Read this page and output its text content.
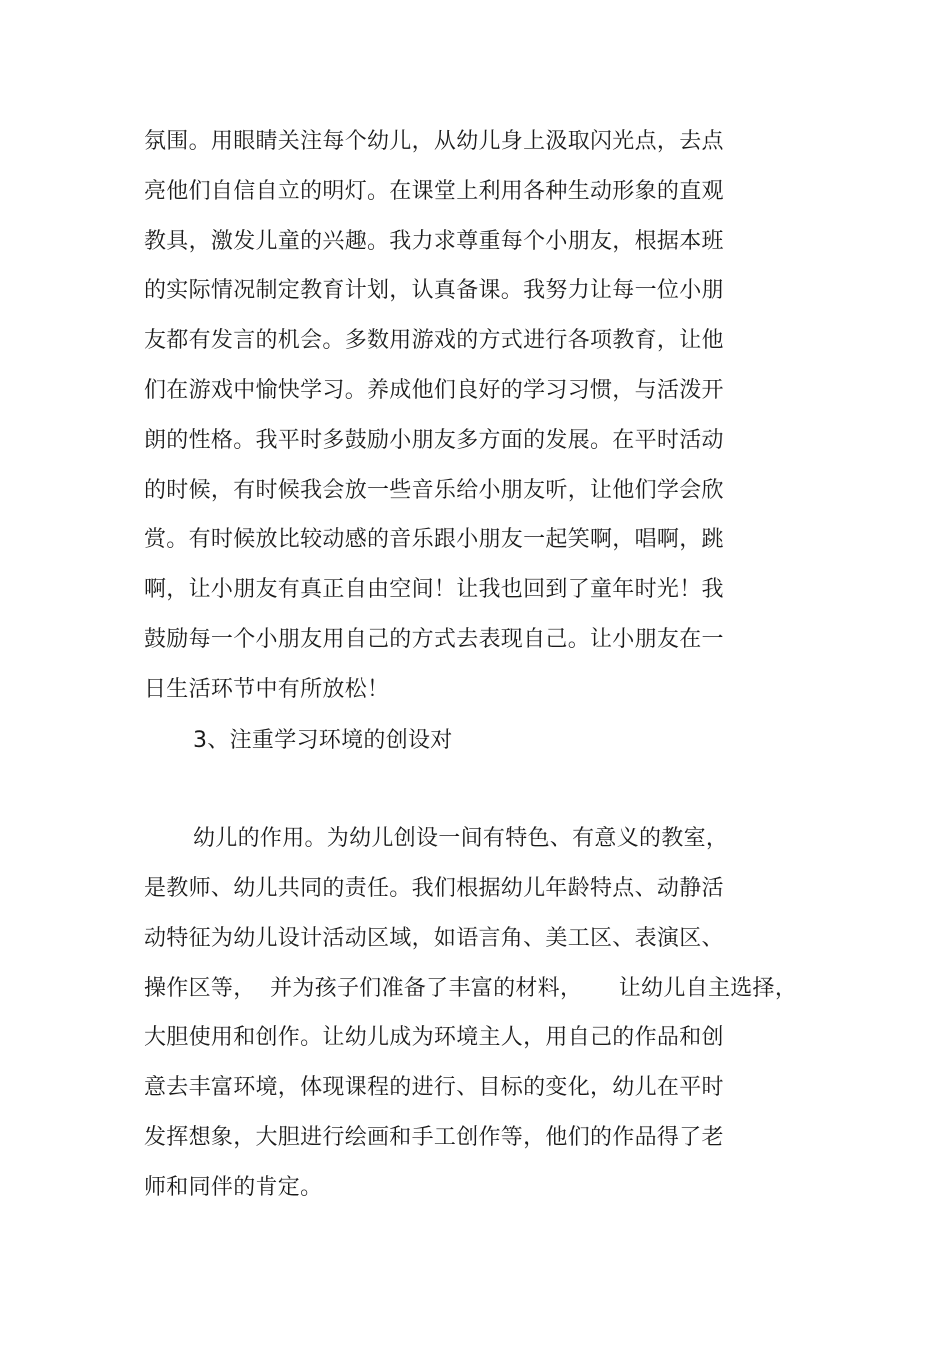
氛围。用眼睛关注每个幼儿，从幼儿身上汲取闪光点，去点
亮他们自信自立的明灯。在课堂上利用各种生动形象的直观
教具，激发儿童的兴趣。我力求尊重每个小朋友，根据本班
的实际情况制定教育计划，认真备课。我努力让每一位小朋
友都有发言的机会。多数用游戏的方式进行各项教育，让他
们在游戏中愉快学习。养成他们良好的学习习惯，与活泼开
朗的性格。我平时多鼓励小朋友多方面的发展。在平时活动
的时候，有时候我会放一些音乐给小朋友听，让他们学会欣
赏。有时候放比较动感的音乐跟小朋友一起笑啊，唱啊，跳
啊，让小朋友有真正自由空间！让我也回到了童年时光！我
鼓励每一个小朋友用自己的方式去表现自己。让小朋友在一
日生活环节中有所放松！
3、注重学习环境的创设对
幼儿的作用。为幼儿创设一间有特色、有意义的教室，
是教师、幼儿共同的责任。我们根据幼儿年龄特点、动静活
动特征为幼儿设计活动区域，如语言角、美工区、表演区、
操作区等，  并为孩子们准备了丰富的材料，     让幼儿自主选择，
大胆使用和创作。让幼儿成为环境主人，用自己的作品和创
意去丰富环境，体现课程的进行、目标的变化，幼儿在平时
发挥想象，大胆进行绘画和手工创作等，他们的作品得了老
师和同伴的肯定。
